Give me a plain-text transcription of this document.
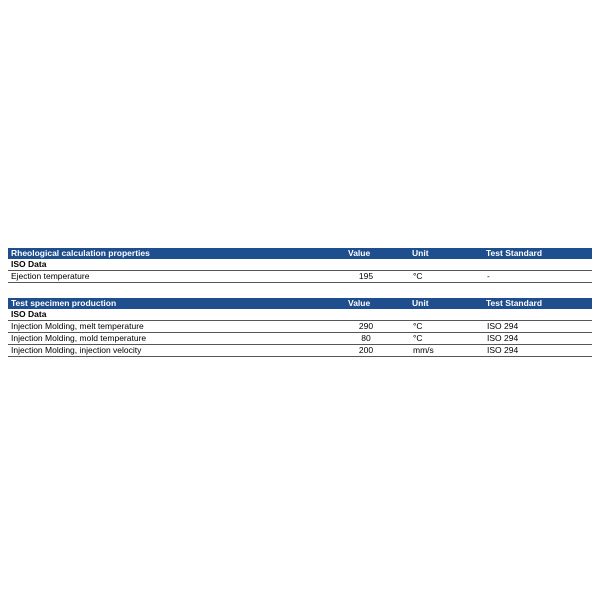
Rheological calculation properties	Value	Unit	Test Standard
ISO Data
Ejection temperature	195	°C	-
Test specimen production	Value	Unit	Test Standard
ISO Data
Injection Molding, melt temperature	290	°C	ISO 294
Injection Molding, mold temperature	80	°C	ISO 294
Injection Molding, injection velocity	200	mm/s	ISO 294
